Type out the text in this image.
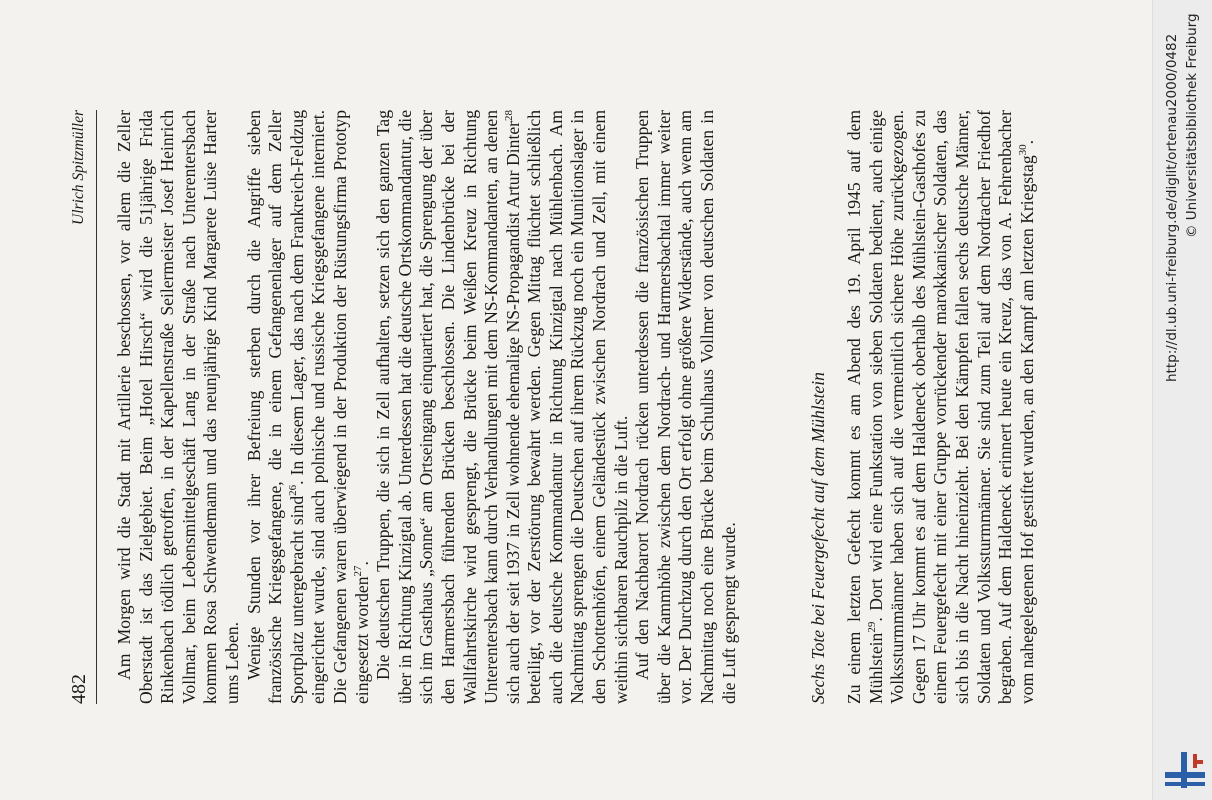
482
Ulrich Spitzmüller Am Morgen wird die Stadt mit Artillerie beschossen, vor allem die Zeller Oberstadt ist das Zielgebiet. Beim „Hotel Hirsch“ wird die 51jährige Frida Rinkenbach tödlich getroffen, in der Kapellenstraße Seilermeister Josef Heinrich Vollmar, beim Lebensmittelgeschäft Lang in der Straße nach Unterentersbach kommen Rosa Schwendemann und das neunjährige Kind Margarete Luise Harter ums Leben. Wenige Stunden vor ihrer Befreiung sterben durch die Angriffe sieben französische Kriegsgefangene, die in einem Gefangenenlager auf dem Zeller Sportplatz untergebracht sind$^{26}$. In diesem Lager, das nach dem Frankreich-Feldzug eingerichtet wurde, sind auch polnische und russische Kriegsgefangene interniert. Die Gefangenen waren überwiegend in der Produktion der Rüstungsfirma Prototyp eingesetzt worden$^{27}$. Die deutschen Truppen, die sich in Zell aufhalten, setzen sich den ganzen Tag über in Richtung Kinzigtal ab. Unterdessen hat die deutsche Ortskommandantur, die sich im Gasthaus „Sonne“ am Ortseingang einquartiert hat, die Sprengung der über den Harmersbach führenden Brücken beschlossen. Die Lindenbrücke bei der Wallfahrtskirche wird gesprengt, die Brücke beim Weißen Kreuz in Richtung Unterentersbach kann durch Verhandlungen mit dem NS-Kommandanten, an denen sich auch der seit 1937 in Zell wohnende ehemalige NS-Propagandist Artur Dinter$^{28}$ beteiligt, vor der Zerstörung bewahrt werden. Gegen Mittag flüchtet schließlich auch die deutsche Kommandantur in Richtung Kinzigtal nach Mühlenbach. Am Nachmittag sprengen die Deutschen auf ihrem Rückzug noch ein Munitionslager in den Schottenhöfen, einem Geländestück zwischen Nordrach und Zell, mit einem weithin sichtbaren Rauchpilz in die Luft. Auf den Nachbarort Nordrach rücken unterdessen die französischen Truppen über die Kammhöhe zwischen dem Nordrach- und Harmersbachtal immer weiter vor. Der Durchzug durch den Ort erfolgt ohne größere Widerstände, auch wenn am Nachmittag noch eine Brücke beim Schulhaus Vollmer von deutschen Soldaten in die Luft gesprengt wurde.	Sechs Tote bei Feuergefecht auf dem Mühlstein Zu einem letzten Gefecht kommt es am Abend des 19. April 1945 auf dem Mühlstein$^{29}$. Dort wird eine Funkstation von sieben Soldaten bedient, auch einige Volkssturmmänner haben sich auf die vermeintlich sichere Höhe zurückgezogen. Gegen 17 Uhr kommt es auf dem Haldeneck oberhalb des Mühlstein-Gasthofes zu einem Feuergefecht mit einer Gruppe vorrückender marokkanischer Soldaten, das sich bis in die Nacht hineinzieht. Bei den Kämpfen fallen sechs deutsche Männer, Soldaten und Volkssturmmänner. Sie sind zum Teil auf dem Nordracher Friedhof begraben. Auf dem Haldeneck erinnert heute ein Kreuz, das von A. Fehrenbacher vom nahegelegenen Hof gestiftet wurden, an den Kampf am letzten Kriegstag$^{30}$.	http://dl.ub.uni-freiburg.de/diglit/ortenau2000/0482 © Universitätsbibliothek Freiburg
